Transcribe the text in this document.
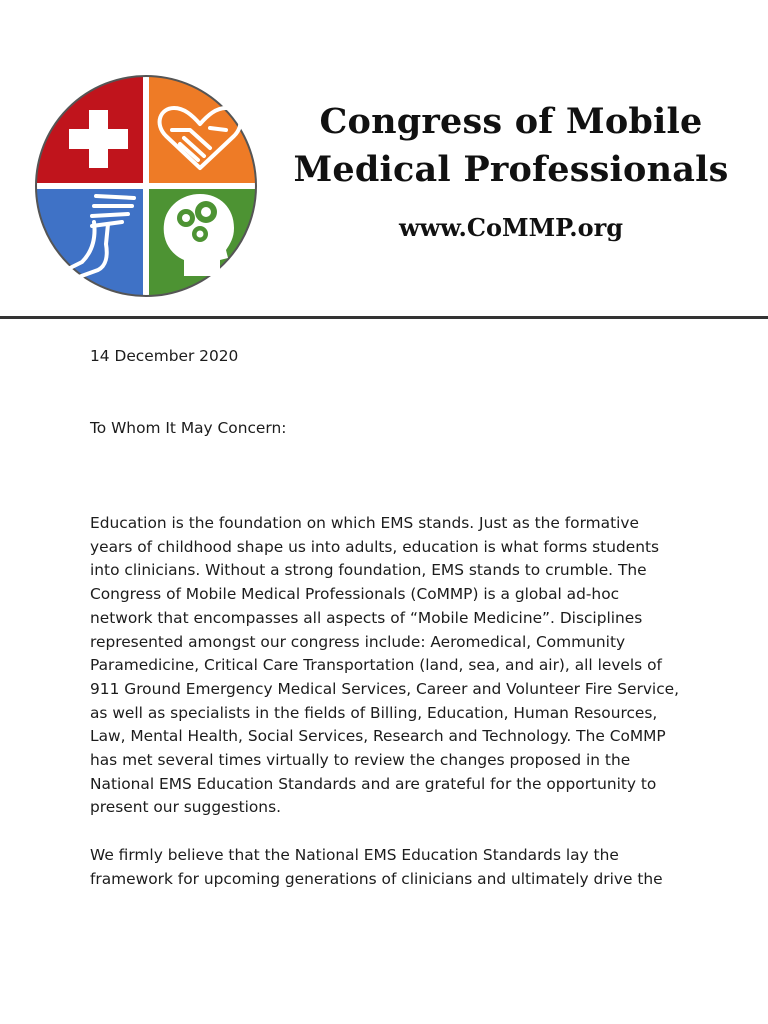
Congress of Mobile Medical Professionals
www.CoMMP.org
14 December 2020
To Whom It May Concern:

Education is the foundation on which EMS stands. Just as the formative years of childhood shape us into adults, education is what forms students into clinicians. Without a strong foundation, EMS stands to crumble. The Congress of Mobile Medical Professionals (CoMMP) is a global ad-hoc network that encompasses all aspects of “Mobile Medicine”. Disciplines represented amongst our congress include: Aeromedical, Community Paramedicine, Critical Care Transportation (land, sea, and air), all levels of 911 Ground Emergency Medical Services, Career and Volunteer Fire Service, as well as specialists in the fields of Billing, Education, Human Resources, Law, Mental Health, Social Services, Research and Technology. The CoMMP has met several times virtually to review the changes proposed in the National EMS Education Standards and are grateful for the opportunity to present our suggestions.

We firmly believe that the National EMS Education Standards lay the framework for upcoming generations of clinicians and ultimately drive the
